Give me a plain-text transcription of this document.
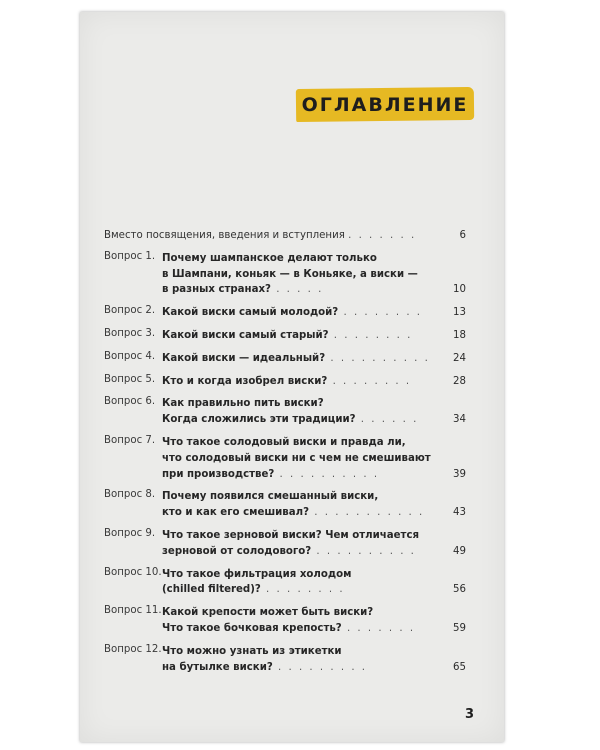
ОГЛАВЛЕНИЕ
Вместо посвящения, введения и вступления . . . . . . .	6
Вопрос 1. Почему шампанское делают только
в Шампани, коньяк — в Коньяке, а виски —
в разных странах? . . . . .	10
Вопрос 2. Какой виски самый молодой? . . . . . . . .	13
Вопрос 3. Какой виски самый старый? . . . . . . . .	18
Вопрос 4. Какой виски — идеальный? . . . . . . . . . .	24
Вопрос 5. Кто и когда изобрел виски? . . . . . . . .	28
Вопрос 6. Как правильно пить виски?
Когда сложились эти традиции? . . . . . .	34
Вопрос 7. Что такое солодовый виски и правда ли,
что солодовый виски ни с чем не смешивают
при производстве? . . . . . . . . . .	39
Вопрос 8. Почему появился смешанный виски,
кто и как его смешивал? . . . . . . . . . . .	43
Вопрос 9. Что такое зерновой виски? Чем отличается
зерновой от солодового? . . . . . . . . . .	49
Вопрос 10. Что такое фильтрация холодом
(chilled filtered)? . . . . . . . .	56
Вопрос 11. Какой крепости может быть виски?
Что такое бочковая крепость? . . . . . . .	59
Вопрос 12. Что можно узнать из этикетки
на бутылке виски? . . . . . . . . .	65
3
